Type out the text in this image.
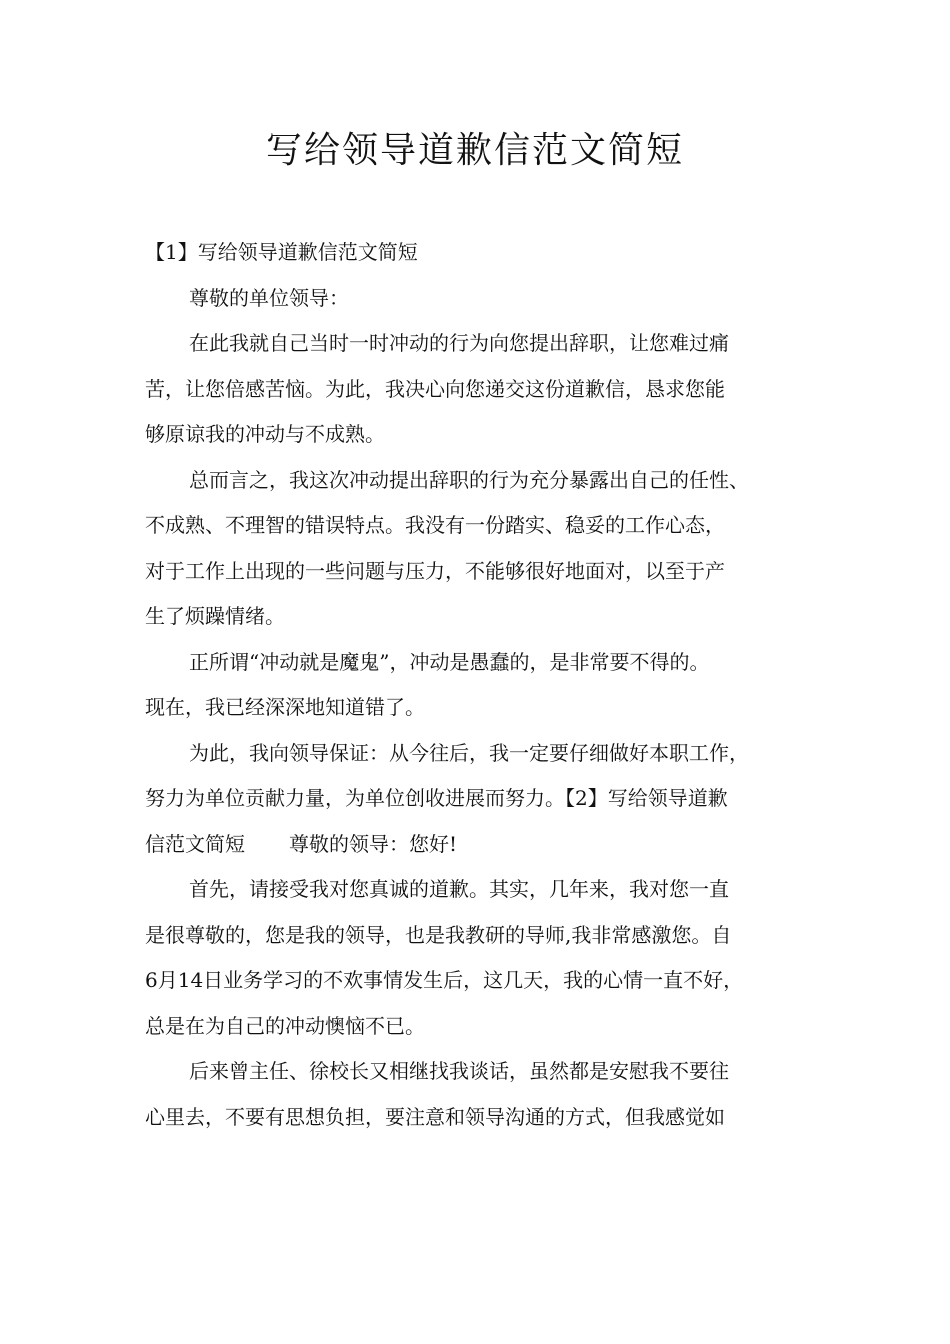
写给领导道歉信范文简短
【1】写给领导道歉信范文简短
尊敬的单位领导：
在此我就自己当时一时冲动的行为向您提出辞职，让您难过痛
苦，让您倍感苦恼。为此，我决心向您递交这份道歉信，恳求您能
够原谅我的冲动与不成熟。
总而言之，我这次冲动提出辞职的行为充分暴露出自己的任性、
不成熟、不理智的错误特点。我没有一份踏实、稳妥的工作心态，
对于工作上出现的一些问题与压力，不能够很好地面对，以至于产
生了烦躁情绪。
正所谓“冲动就是魔鬼”，冲动是愚蠢的，是非常要不得的。
现在，我已经深深地知道错了。
为此，我向领导保证：从今往后，我一定要仔细做好本职工作，
努力为单位贡献力量，为单位创收进展而努力。【2】写给领导道歉
信范文简短 尊敬的领导：您好!
首先，请接受我对您真诚的道歉。其实，几年来，我对您一直
是很尊敬的，您是我的领导，也是我教研的导师,我非常感激您。自
6月14日业务学习的不欢事情发生后，这几天，我的心情一直不好，
总是在为自己的冲动懊恼不已。
后来曾主任、徐校长又相继找我谈话，虽然都是安慰我不要往
心里去，不要有思想负担，要注意和领导沟通的方式，但我感觉如
